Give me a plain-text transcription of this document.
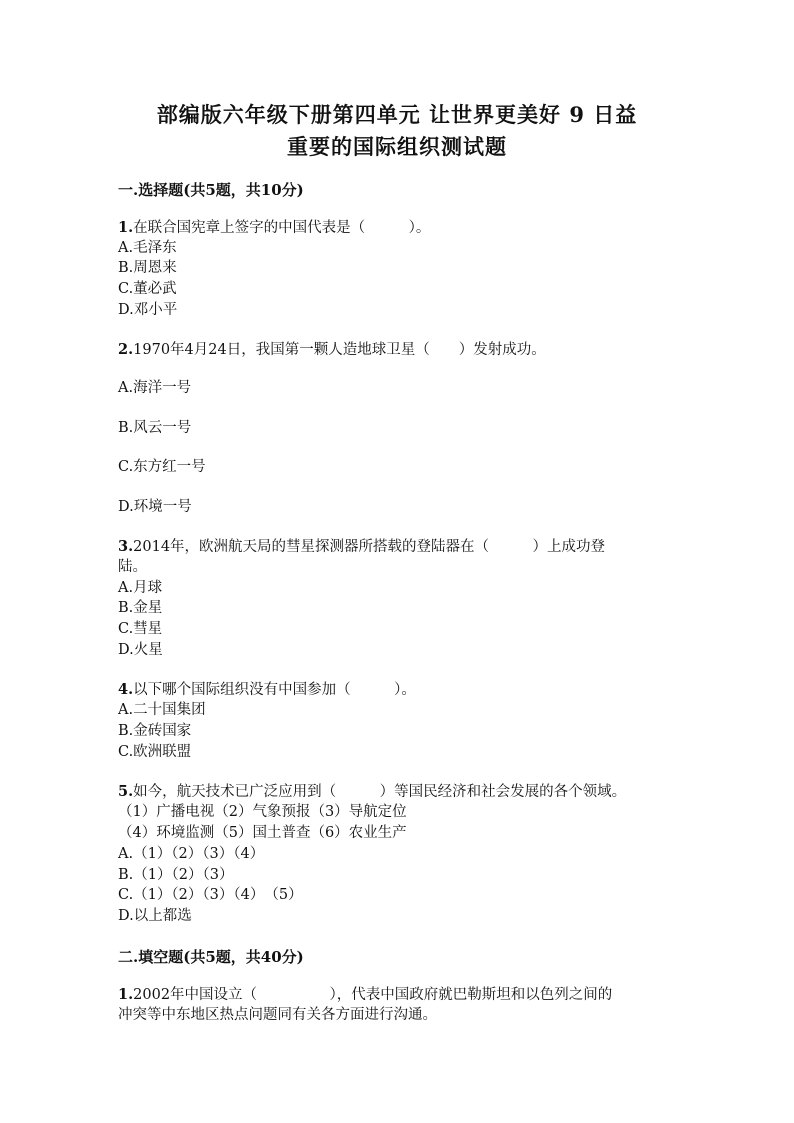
部编版六年级下册第四单元 让世界更美好 9 日益
重要的国际组织测试题
一.选择题(共5题，共10分)
1.在联合国宪章上签字的中国代表是（　　　）。
A.毛泽东
B.周恩来
C.董必武
D.邓小平
2.1970年4月24日，我国第一颗人造地球卫星（　　）发射成功。
A.海洋一号
B.风云一号
C.东方红一号
D.环境一号
3.2014年，欧洲航天局的彗星探测器所搭载的登陆器在（　　　）上成功登
陆。
A.月球
B.金星
C.彗星
D.火星
4.以下哪个国际组织没有中国参加（　　　）。
A.二十国集团
B.金砖国家
C.欧洲联盟
5.如今，航天技术已广泛应用到（　　　）等国民经济和社会发展的各个领域。
（1）广播电视（2）气象预报（3）导航定位
（4）环境监测（5）国土普查（6）农业生产
A.（1）（2）（3）（4）
B.（1）（2）（3）
C.（1）（2）（3）（4）　（5）
D.以上都选
二.填空题(共5题，共40分)
1.2002年中国设立（　　　　　），代表中国政府就巴勒斯坦和以色列之间的
冲突等中东地区热点问题同有关各方面进行沟通。
